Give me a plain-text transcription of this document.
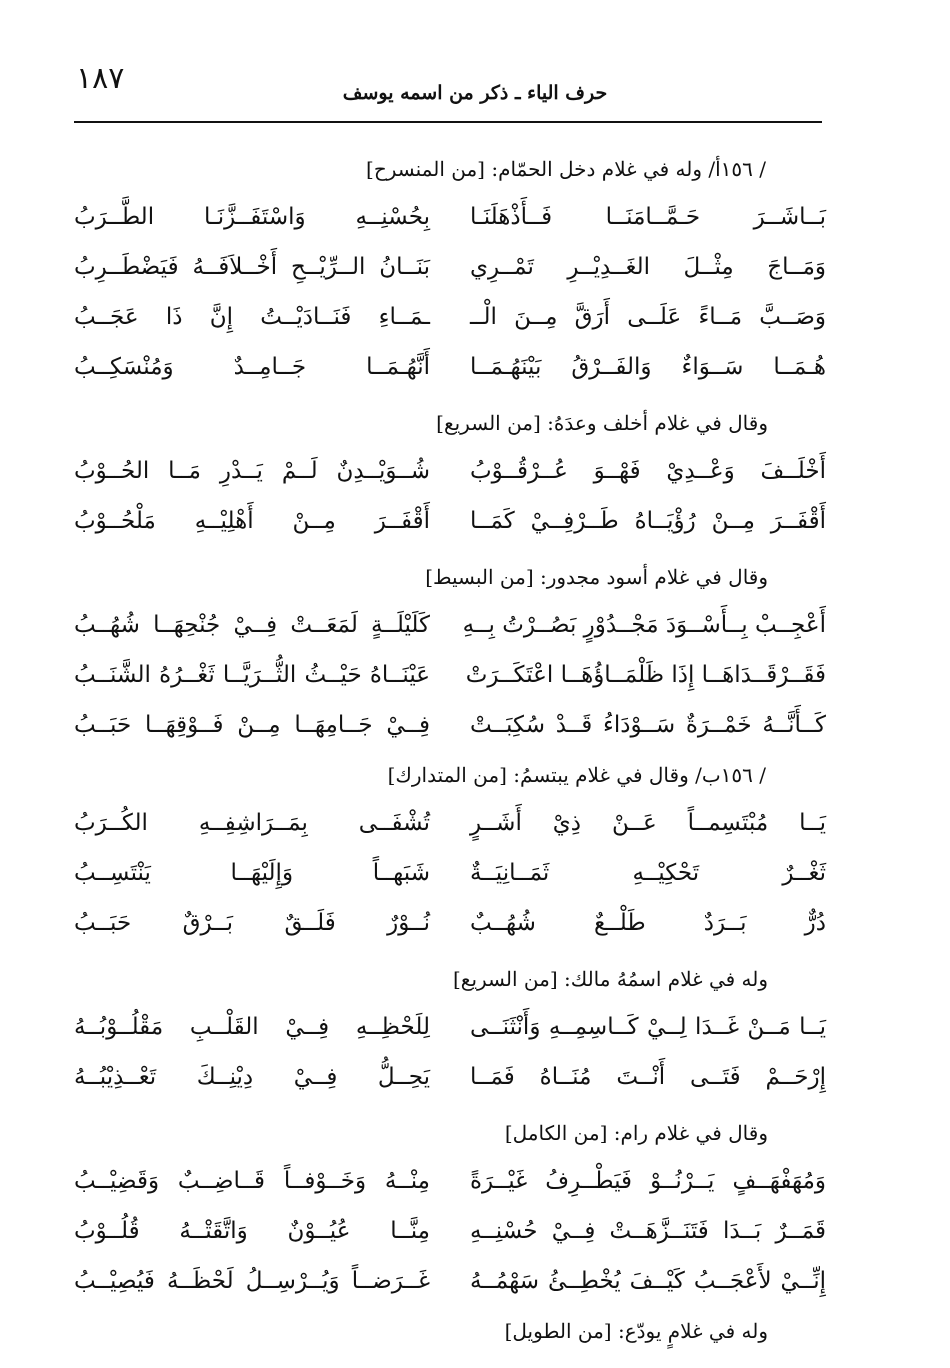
١٨٧	حرف الياء ـ ذكر من اسمه يوسف
/ ١٥٦أ/ وله في غلام دخل الحمّام: [من المنسرح]
بَــاشَــرَ حَـمَّــامَنَــا فَــأَذْهَلَنَـا
بِحُسْنِــهِ وَاسْتَفَــزَّنَـا الطَّــرَبُ
وَمَــاجَ مِثْــلَ الغَــدِيْــرِ تَمْــرِي
بَنَــانُ الــرِّيْــحِ أَخْــلاَفَــهُ فَيَضْطَــرِبُ
وَصَــبَّ مَــاءً عَلَــى أَرَقَّ مِــنَ الْــ
ـمَــاءِ فَنَــادَيْــتُ إِنَّ ذَا عَجَــبُ
هُـمَــا سَــوَاءٌ وَالفَــرْقُ بَيْنَهُـمَــا
أَنَّهُـمَــا جَــامِــدٌ وَمُنْسَكِــبُ
وقال في غلام أخلف وعدَهُ: [من السريع]
أَخْلَــفَ وَعْــدِيْ فَهْــوَ عُــرْقُــوْبُ
شُــوَيْــدِنٌ لَــمْ يَــدْرِ مَــا الحُــوْبُ
أَقْفَــرَ مِــنْ رُؤْيَــاهُ طَــرْفِــيْ كَمَــا
أَقْفَــرَ مِــنْ أَهْلِيْــهِ مَلْحُــوْبُ
وقال في غلام أسود مجدور: [من البسيط]
أَعْجِــبْ بِــأَسْــوَدَ مَجْــدُوْرٍ بَصُــرْتُ بِــهِ
كَلَيْلَــةٍ لَمَعَــتْ فِــيْ جُنْحِهَــا شُهُــبُ
فَقَــرْقَــدَاهَــا إِذَا ظَلْمَــاؤُهَــا اعْتَكَــرَتْ
عَيْنَــاهُ حَيْــثُ الثُّــرَيَّــا ثَغْــرُهُ الشَّنَــبُ
كَــأَنَّــهُ خَمْــرَةٌ سَــوْدَاءُ قَــدْ سُكِبَــتْ
فِــيْ جَــامِهَــا مِــنْ فَــوْقِهَــا حَبَــبُ
/ ١٥٦ب/ وقال في غلام يبتسمُ: [من المتدارك]
يَــا مُبْتَسِمــاً عَــنْ ذِيْ أَشَــرٍ
تُشْفَــى بِمَــرَاشِفِــهِ الكُــرَبُ
ثَغْــرٌ تَحْكِيْــهِ ثَمَــانِيَــةٌ
شَبَهــاً وَإِلَيْهَــا يَنْتَسِــبُ
دُرٌّ بَــرَدٌ طَلْــعٌ شُهُــبٌ
نُــوْرٌ فَلَــقٌ بَــرْقٌ حَبَــبُ
وله في غلام اسمُهُ مالك: [من السريع]
يَــا مَــنْ غَــدَا لِــيْ كَــاسِمِــهِ وَأَنْثَنَــى
لِلَحْظِــهِ فِــيْ القَلْــبِ مَقْلُــوْبُــهُ
إِرْحَــمْ فَتَــى أَنْــتَ مُنَــاهُ فَمَــا
يَحِــلُّ فِــيْ دِيْنِــكَ تَعْــذِيْبُــهُ
وقال في غلام رام: [من الكامل]
وَمُهَفْهَــفٍ يَــرْنُــوْ فَيَطْــرِفُ غَيْــرَةً
مِنْــهُ وَخَــوْفــاً قَــاضِــبٌ وَقَضِيْــبُ
قَمَــرٌ بَــدَا فَتَنَــزَّهَــتْ فِــيْ حُسْنِــهِ
مِنَّــا عُيُــوْنٌ وَاتَّقَتْــهُ قُلُــوْبُ
إِنِّــيْ لأَعْجَــبُ كَيْــفَ يُخْطِــئُ سَهْمُــهُ
غَــرَضــاً وَيُــرْسِــلُ لَحْظَــهُ فَيُصِيْــبُ
وله في غلامٍ يودّع: [من الطويل]
